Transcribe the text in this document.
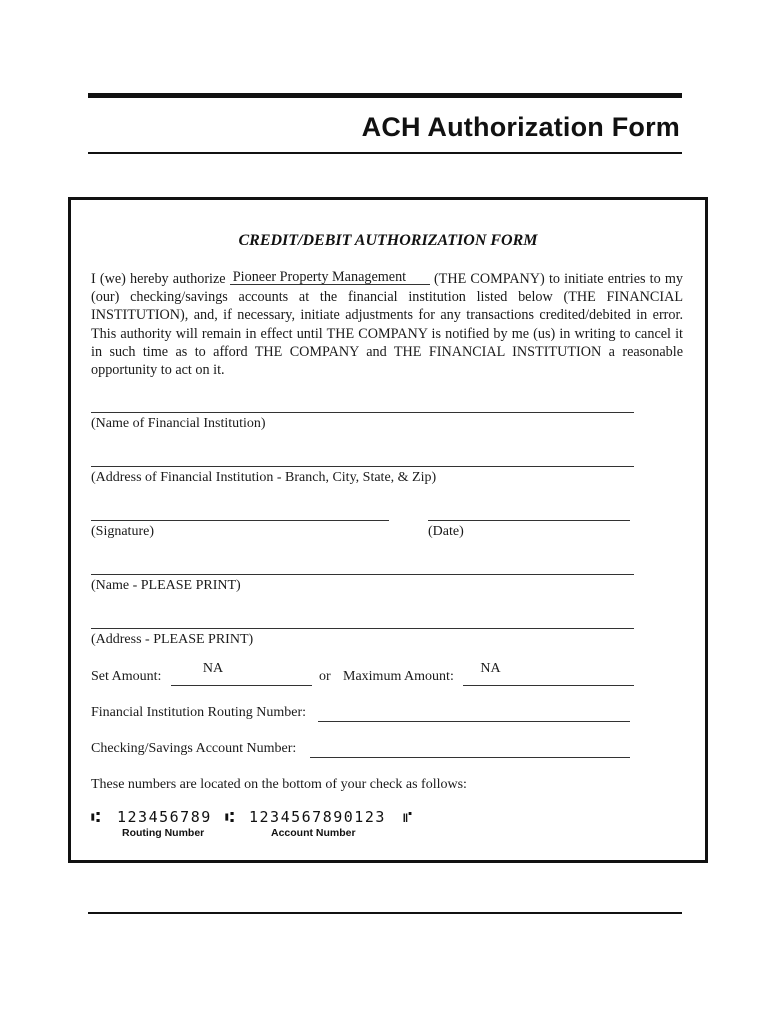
ACH Authorization Form
CREDIT/DEBIT AUTHORIZATION FORM
I (we) hereby authorize Pioneer Property Management (THE COMPANY) to initiate entries to my (our) checking/savings accounts at the financial institution listed below (THE FINANCIAL INSTITUTION), and, if necessary, initiate adjustments for any transactions credited/debited in error. This authority will remain in effect until THE COMPANY is notified by me (us) in writing to cancel it in such time as to afford THE COMPANY and THE FINANCIAL INSTITUTION a reasonable opportunity to act on it.
(Name of Financial Institution)
(Address of Financial Institution - Branch, City, State, & Zip)
(Signature)	(Date)
(Name - PLEASE PRINT)
(Address - PLEASE PRINT)
Set Amount:
NA
or Maximum Amount:
NA
Financial Institution Routing Number:
Checking/Savings Account Number:
These numbers are located on the bottom of your check as follows:
⑆ 123456789 ⑆ 1234567890123 ⑈
Routing Number	Account Number
